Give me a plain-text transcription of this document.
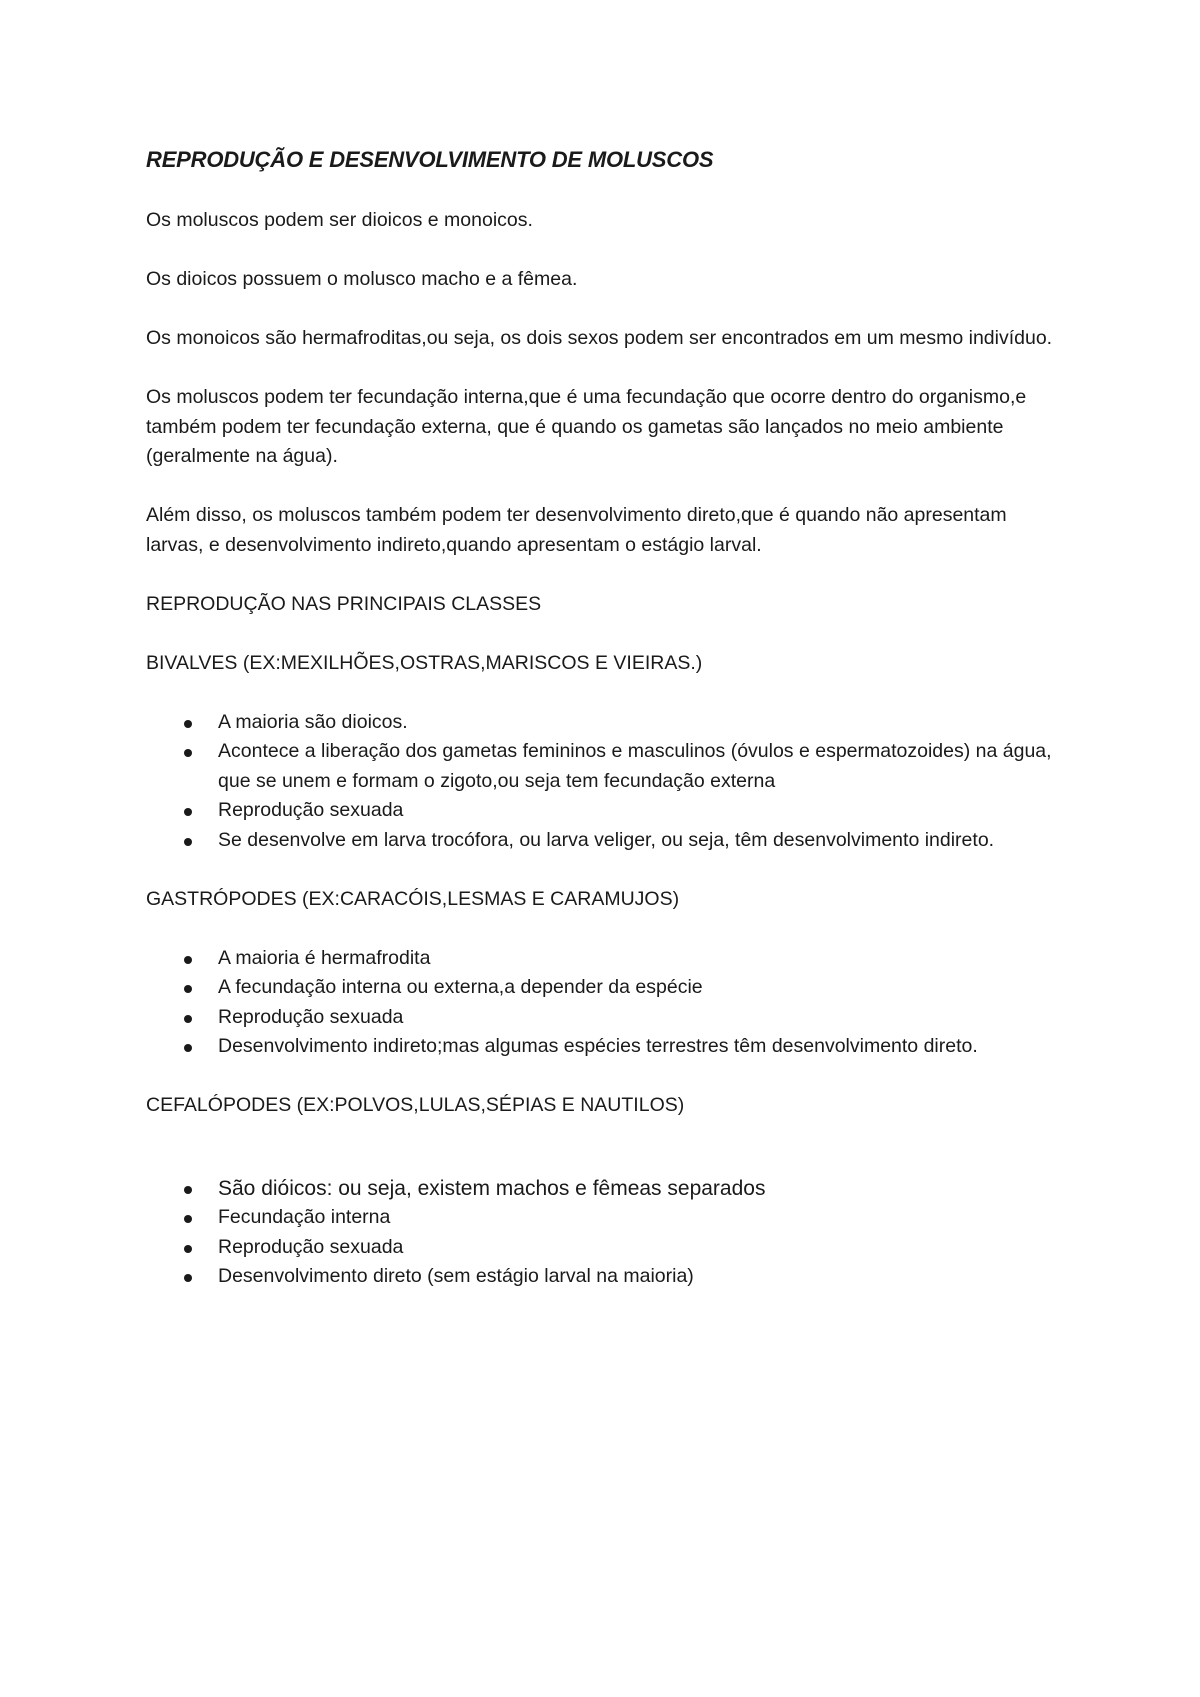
REPRODUÇÃO E DESENVOLVIMENTO DE MOLUSCOS

Os moluscos podem ser dioicos e monoicos.

Os dioicos possuem o molusco macho e a fêmea.

Os monoicos são hermafroditas,ou seja, os dois sexos podem ser encontrados em um mesmo indivíduo.

Os moluscos podem ter fecundação interna,que é uma fecundação que ocorre dentro do organismo,e também podem ter fecundação externa, que é quando os gametas são lançados no meio ambiente (geralmente na água).

Além disso, os moluscos também podem ter desenvolvimento direto,que é quando não apresentam larvas, e desenvolvimento indireto,quando apresentam o estágio larval.

REPRODUÇÃO NAS PRINCIPAIS CLASSES

BIVALVES (EX:MEXILHÕES,OSTRAS,MARISCOS E VIEIRAS.)

A maioria são dioicos.
Acontece a liberação dos gametas femininos e masculinos (óvulos e espermatozoides) na água, que se unem e formam o zigoto,ou seja tem fecundação externa
Reprodução sexuada
Se desenvolve em larva trocófora, ou larva veliger, ou seja, têm desenvolvimento indireto.

GASTRÓPODES (EX:CARACÓIS,LESMAS E CARAMUJOS)

A maioria é hermafrodita
A fecundação interna ou externa,a depender da espécie
Reprodução sexuada
Desenvolvimento indireto;mas algumas espécies terrestres têm desenvolvimento direto.

CEFALÓPODES (EX:POLVOS,LULAS,SÉPIAS E NAUTILOS)

São dióicos: ou seja, existem machos e fêmeas separados
Fecundação interna
Reprodução sexuada
Desenvolvimento direto (sem estágio larval na maioria)
